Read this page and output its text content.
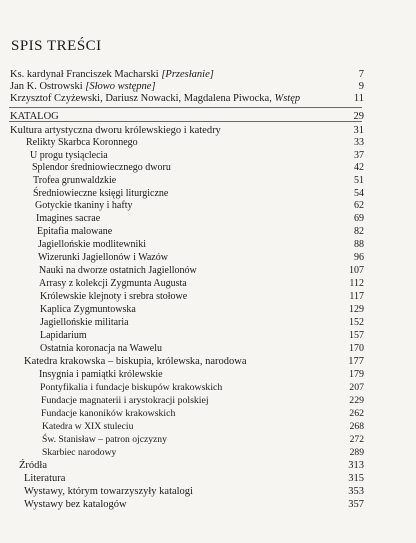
SPIS TREŚCI
Ks. kardynał Franciszek Macharski [Przesłanie]	7
Jan K. Ostrowski [Słowo wstępne]	9
Krzysztof Czyżewski, Dariusz Nowacki, Magdalena Piwocka, Wstęp	11
KATALOG	29
Kultura artystyczna dworu królewskiego i katedry	31
Relikty Skarbca Koronnego	33
U progu tysiąclecia	37
Splendor średniowiecznego dworu	42
Trofea grunwaldzkie	51
Średniowieczne księgi liturgiczne	54
Gotyckie tkaniny i hafty	62
Imagines sacrae	69
Epitafia malowane	82
Jagiellońskie modlitewniki	88
Wizerunki Jagiellonów i Wazów	96
Nauki na dworze ostatnich Jagiellonów	107
Arrasy z kolekcji Zygmunta Augusta	112
Królewskie klejnoty i srebra stołowe	117
Kaplica Zygmuntowska	129
Jagiellońskie militaria	152
Lapidarium	157
Ostatnia koronacja na Wawelu	170
Katedra krakowska – biskupia, królewska, narodowa	177
Insygnia i pamiątki królewskie	179
Pontyfikalia i fundacje biskupów krakowskich	207
Fundacje magnaterii i arystokracji polskiej	229
Fundacje kanoników krakowskich	262
Katedra w XIX stuleciu	268
Św. Stanisław – patron ojczyzny	272
Skarbiec narodowy	289
Źródła	313
Literatura	315
Wystawy, którym towarzyszyły katalogi	353
Wystawy bez katalogów	357
